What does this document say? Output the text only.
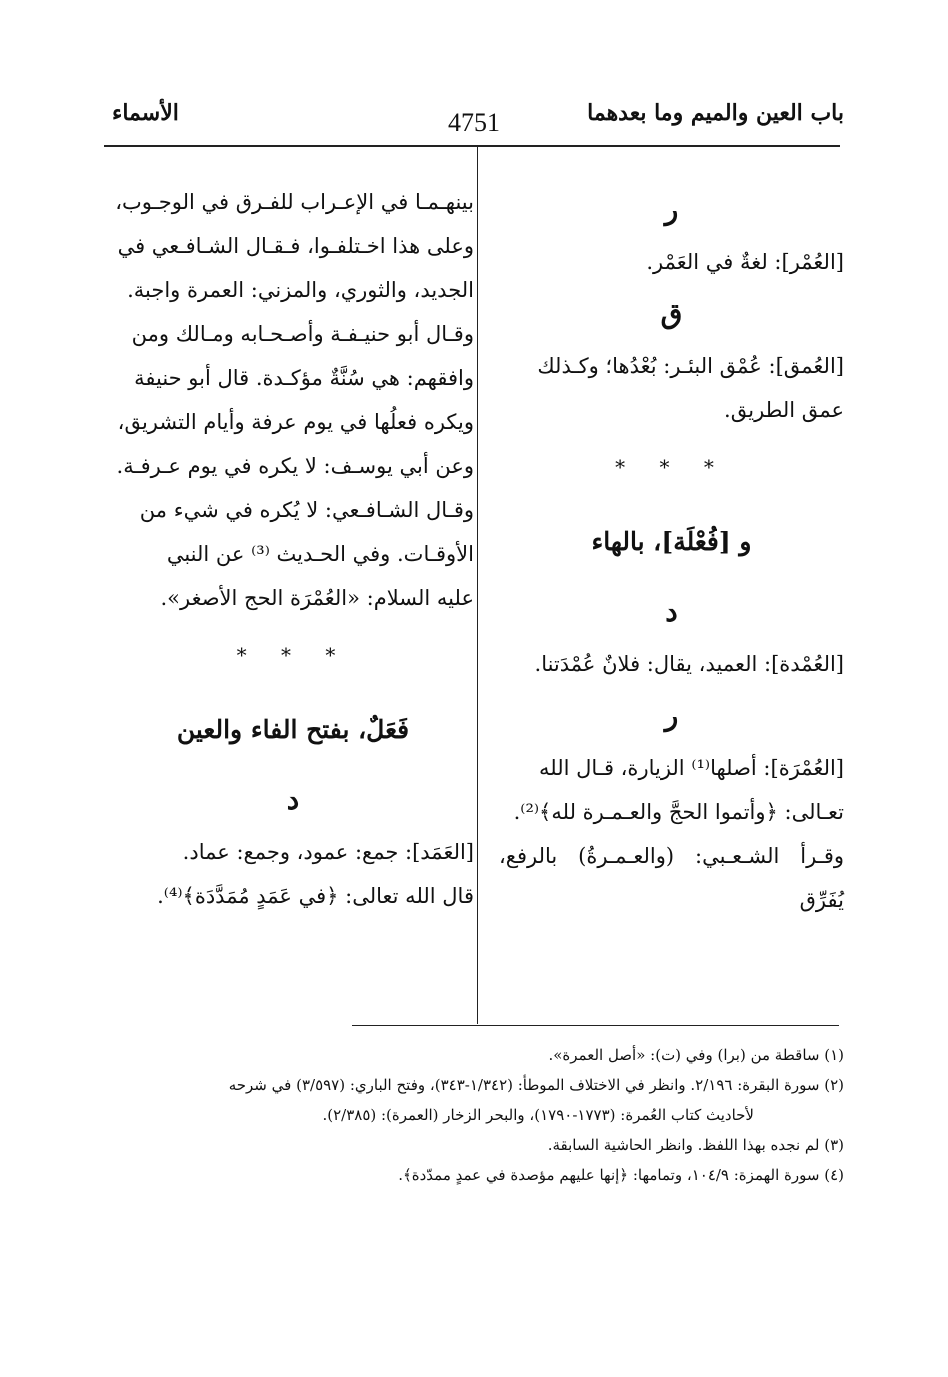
باب العين والميم وما بعدهما
4751
الأسماء

ر

[العُمْر]: لغةٌ في العَمْر.

ق

[العُمق]: عُمْق البئـر: بُعْدُها؛ وكـذلك

عمق الطريق.

* * *

و [فُعْلَة]، بالهاء

د

[العُمْدة]: العميد، يقال: فلانٌ عُمْدَتنا.

ر

[العُمْرَة]: أصلها⁽¹⁾ الزيارة، قـال الله

تعـالى: ﴿وأتموا الحجَّ والعـمـرة لله﴾⁽²⁾.

وقـرأ الشـعـبي: (والعـمـرةُ) بالرفع، يُفَرِّق

بينهـمـا في الإعـراب للفـرق في الوجـوب،

وعلى هذا اخـتلفـوا، فـقـال الشـافـعي في

الجديد، والثوري، والمزني: العمرة واجبة.

وقـال أبو حنيـفـة وأصـحـابه ومـالك ومن

وافقهم: هي سُنَّةٌ مؤكـدة. قال أبو حنيفة

ويكره فعلُها في يوم عرفة وأيام التشريق،

وعن أبي يوسـف: لا يكره في يوم عـرفـة.

وقـال الشـافـعي: لا يُكره في شيء من

الأوقـات. وفي الحـديث ⁽³⁾ عن النبي

عليه السلام: «العُمْرَة الحج الأصغر».

* * *

فَعَلٌ، بفتح الفاء والعين

د

[العَمَد]: جمع: عمود، وجمع: عماد.

قال الله تعالى: ﴿في عَمَدٍ مُمَدَّدَة﴾⁽⁴⁾.

(١) ساقطة من (برا) وفي (ت): «أصل العمرة».

(٢) سورة البقرة: ٢/١٩٦. وانظر في الاختلاف الموطأ: (١/٣٤٢-٣٤٣)، وفتح الباري: (٣/٥٩٧) في شرحه

لأحاديث كتاب العُمرة: (١٧٧٣-١٧٩٠)، والبحر الزخار (العمرة): (٢/٣٨٥).

(٣) لم نجده بهذا اللفظ. وانظر الحاشية السابقة.

(٤) سورة الهمزة: ١٠٤/٩، وتمامها: ﴿إنها عليهم مؤصدة في عمدٍ ممدّدة﴾.
